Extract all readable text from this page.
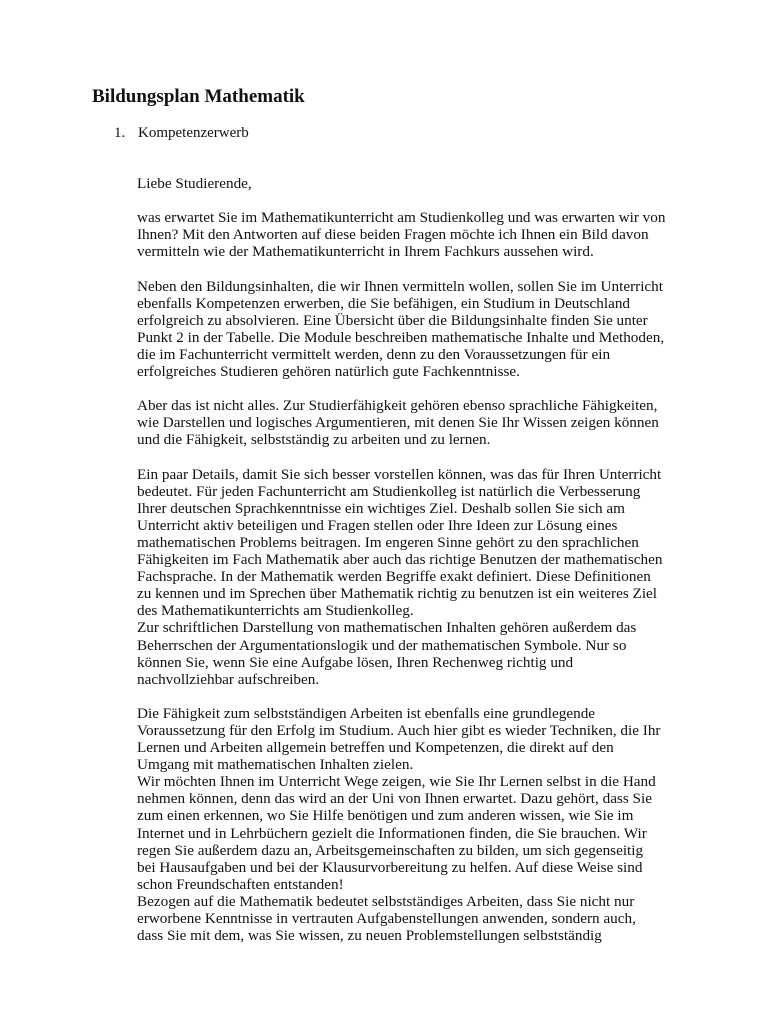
Bildungsplan Mathematik
1. Kompetenzerwerb
Liebe Studierende,
was erwartet Sie im Mathematikunterricht am Studienkolleg und was erwarten wir von
Ihnen? Mit den Antworten auf diese beiden Fragen möchte ich Ihnen ein Bild davon
vermitteln wie der Mathematikunterricht in Ihrem Fachkurs aussehen wird.
Neben den Bildungsinhalten, die wir Ihnen vermitteln wollen, sollen Sie im Unterricht
ebenfalls Kompetenzen erwerben, die Sie befähigen, ein Studium in Deutschland
erfolgreich zu absolvieren. Eine Übersicht über die Bildungsinhalte finden Sie unter
Punkt 2 in der Tabelle. Die Module beschreiben mathematische Inhalte und Methoden,
die im Fachunterricht vermittelt werden, denn zu den Voraussetzungen für ein
erfolgreiches Studieren gehören natürlich gute Fachkenntnisse.
Aber das ist nicht alles. Zur Studierfähigkeit gehören ebenso sprachliche Fähigkeiten,
wie Darstellen und logisches Argumentieren, mit denen Sie Ihr Wissen zeigen können
und die Fähigkeit, selbstständig zu arbeiten und zu lernen.
Ein paar Details, damit Sie sich besser vorstellen können, was das für Ihren Unterricht
bedeutet. Für jeden Fachunterricht am Studienkolleg ist natürlich die Verbesserung
Ihrer deutschen Sprachkenntnisse ein wichtiges Ziel. Deshalb sollen Sie sich am
Unterricht aktiv beteiligen und Fragen stellen oder Ihre Ideen zur Lösung eines
mathematischen Problems beitragen. Im engeren Sinne gehört zu den sprachlichen
Fähigkeiten im Fach Mathematik aber auch das richtige Benutzen der mathematischen
Fachsprache. In der Mathematik werden Begriffe exakt definiert. Diese Definitionen
zu kennen und im Sprechen über Mathematik richtig zu benutzen ist ein weiteres Ziel
des Mathematikunterrichts am Studienkolleg.
Zur schriftlichen Darstellung von mathematischen Inhalten gehören außerdem das
Beherrschen der Argumentationslogik und der mathematischen Symbole. Nur so
können Sie, wenn Sie eine Aufgabe lösen, Ihren Rechenweg richtig und
nachvollziehbar aufschreiben.
Die Fähigkeit zum selbstständigen Arbeiten ist ebenfalls eine grundlegende
Voraussetzung für den Erfolg im Studium. Auch hier gibt es wieder Techniken, die Ihr
Lernen und Arbeiten allgemein betreffen und Kompetenzen, die direkt auf den
Umgang mit mathematischen Inhalten zielen.
Wir möchten Ihnen im Unterricht Wege zeigen, wie Sie Ihr Lernen selbst in die Hand
nehmen können, denn das wird an der Uni von Ihnen erwartet. Dazu gehört, dass Sie
zum einen erkennen, wo Sie Hilfe benötigen und zum anderen wissen, wie Sie im
Internet und in Lehrbüchern gezielt die Informationen finden, die Sie brauchen. Wir
regen Sie außerdem dazu an, Arbeitsgemeinschaften zu bilden, um sich gegenseitig
bei Hausaufgaben und bei der Klausurvorbereitung zu helfen. Auf diese Weise sind
schon Freundschaften entstanden!
Bezogen auf die Mathematik bedeutet selbstständiges Arbeiten, dass Sie nicht nur
erworbene Kenntnisse in vertrauten Aufgabenstellungen anwenden, sondern auch,
dass Sie mit dem, was Sie wissen, zu neuen Problemstellungen selbstständig
